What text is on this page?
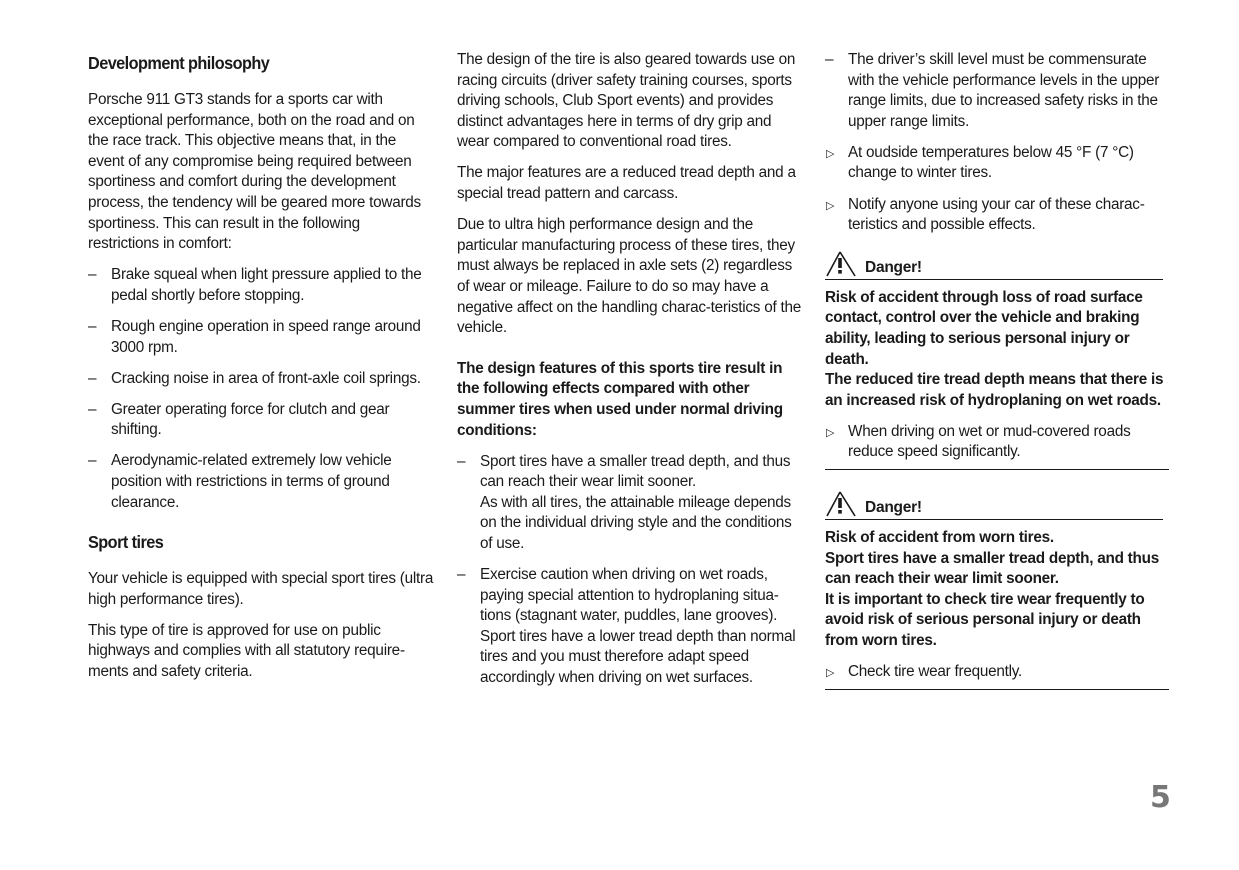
Development philosophy

Porsche 911 GT3 stands for a sports car with exceptional performance, both on the road and on the race track. This objective means that, in the event of any compromise being required between sportiness and comfort during the development process, the tendency will be geared more towards sportiness. This can result in the following restrictions in comfort:

– Brake squeal when light pressure applied to the pedal shortly before stopping.
– Rough engine operation in speed range around 3000 rpm.
– Cracking noise in area of front-axle coil springs.
– Greater operating force for clutch and gear shifting.
– Aerodynamic-related extremely low vehicle position with restrictions in terms of ground clearance.
Sport tires

Your vehicle is equipped with special sport tires (ultra high performance tires).

This type of tire is approved for use on public highways and complies with all statutory require-ments and safety criteria.

The design of the tire is also geared towards use on racing circuits (driver safety training courses, sports driving schools, Club Sport events) and provides distinct advantages here in terms of dry grip and wear compared to conventional road tires.

The major features are a reduced tread depth and a special tread pattern and carcass.

Due to ultra high performance design and the particular manufacturing process of these tires, they must always be replaced in axle sets (2) regardless of wear or mileage. Failure to do so may have a negative affect on the handling charac-teristics of the vehicle.

The design features of this sports tire result in the following effects compared with other summer tires when used under normal driving conditions:

– Sport tires have a smaller tread depth, and thus can reach their wear limit sooner.
As with all tires, the attainable mileage depends on the individual driving style and the conditions of use.
– Exercise caution when driving on wet roads, paying special attention to hydroplaning situa-tions (stagnant water, puddles, lane grooves).
Sport tires have a lower tread depth than normal tires and you must therefore adapt speed accordingly when driving on wet surfaces.
– The driver’s skill level must be commensurate with the vehicle performance levels in the upper range limits, due to increased safety risks in the upper range limits.
▷ At oudside temperatures below 45 °F (7 °C) change to winter tires.
▷ Notify anyone using your car of these charac-teristics and possible effects.
Danger!
Risk of accident through loss of road surface contact, control over the vehicle and braking ability, leading to serious personal injury or death.
The reduced tire tread depth means that there is an increased risk of hydroplaning on wet roads.
▷ When driving on wet or mud-covered roads reduce speed significantly.
Danger!
Risk of accident from worn tires.
Sport tires have a smaller tread depth, and thus can reach their wear limit sooner.
It is important to check tire wear frequently to avoid risk of serious personal injury or death from worn tires.
▷ Check tire wear frequently.
5
